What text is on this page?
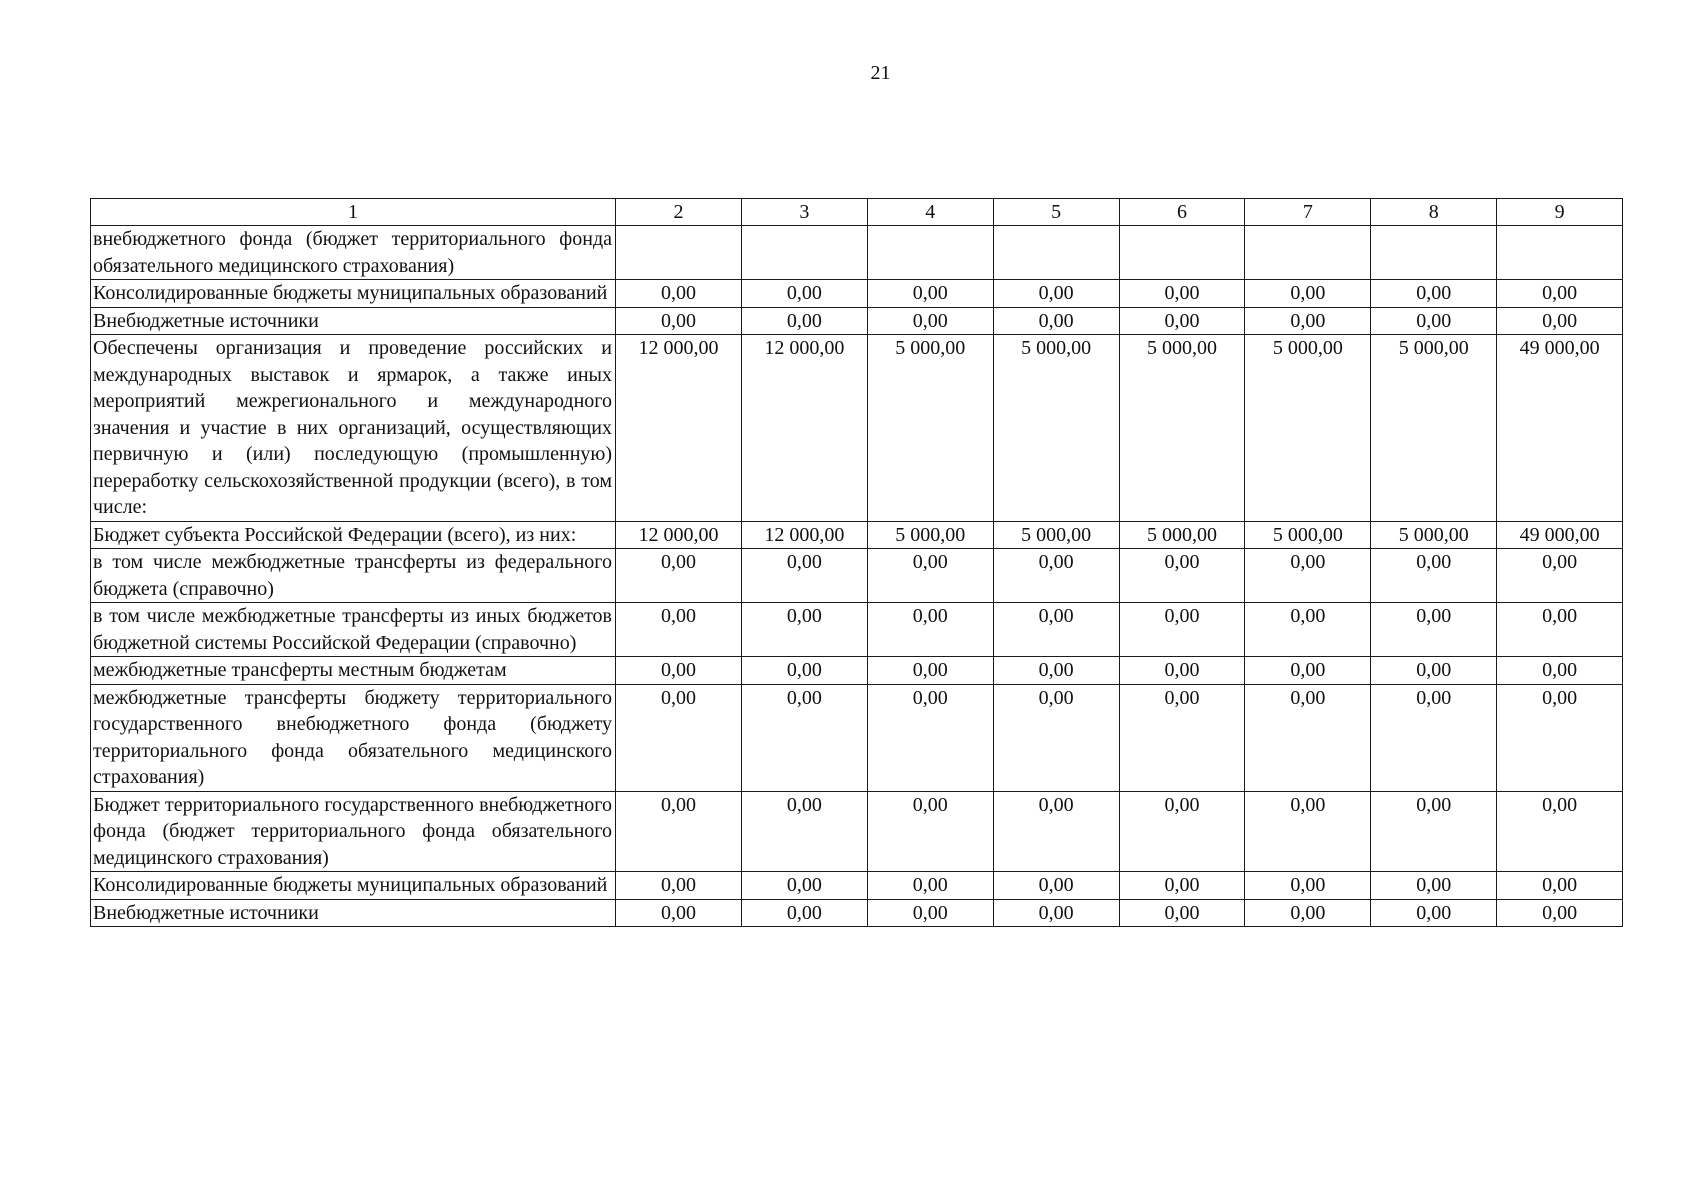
21
1	2	3	4	5	6	7	8	9
внебюджетного фонда (бюджет территориального фонда обязательного медицинского страхования)								
Консолидированные бюджеты муниципальных образований	0,00	0,00	0,00	0,00	0,00	0,00	0,00	0,00
Внебюджетные источники	0,00	0,00	0,00	0,00	0,00	0,00	0,00	0,00
Обеспечены организация и проведение российских и международных выставок и ярмарок, а также иных мероприятий межрегионального и международного значения и участие в них организаций, осуществляющих первичную и (или) последующую (промышленную) переработку сельскохозяйственной продукции (всего), в том числе:	12 000,00	12 000,00	5 000,00	5 000,00	5 000,00	5 000,00	5 000,00	49 000,00
Бюджет субъекта Российской Федерации (всего), из них:	12 000,00	12 000,00	5 000,00	5 000,00	5 000,00	5 000,00	5 000,00	49 000,00
в том числе межбюджетные трансферты из федерального бюджета (справочно)	0,00	0,00	0,00	0,00	0,00	0,00	0,00	0,00
в том числе межбюджетные трансферты из иных бюджетов бюджетной системы Российской Федерации (справочно)	0,00	0,00	0,00	0,00	0,00	0,00	0,00	0,00
межбюджетные трансферты местным бюджетам	0,00	0,00	0,00	0,00	0,00	0,00	0,00	0,00
межбюджетные трансферты бюджету территориального государственного внебюджетного фонда (бюджету территориального фонда обязательного медицинского страхования)	0,00	0,00	0,00	0,00	0,00	0,00	0,00	0,00
Бюджет территориального государственного внебюджетного фонда (бюджет территориального фонда обязательного медицинского страхования)	0,00	0,00	0,00	0,00	0,00	0,00	0,00	0,00
Консолидированные бюджеты муниципальных образований	0,00	0,00	0,00	0,00	0,00	0,00	0,00	0,00
Внебюджетные источники	0,00	0,00	0,00	0,00	0,00	0,00	0,00	0,00
